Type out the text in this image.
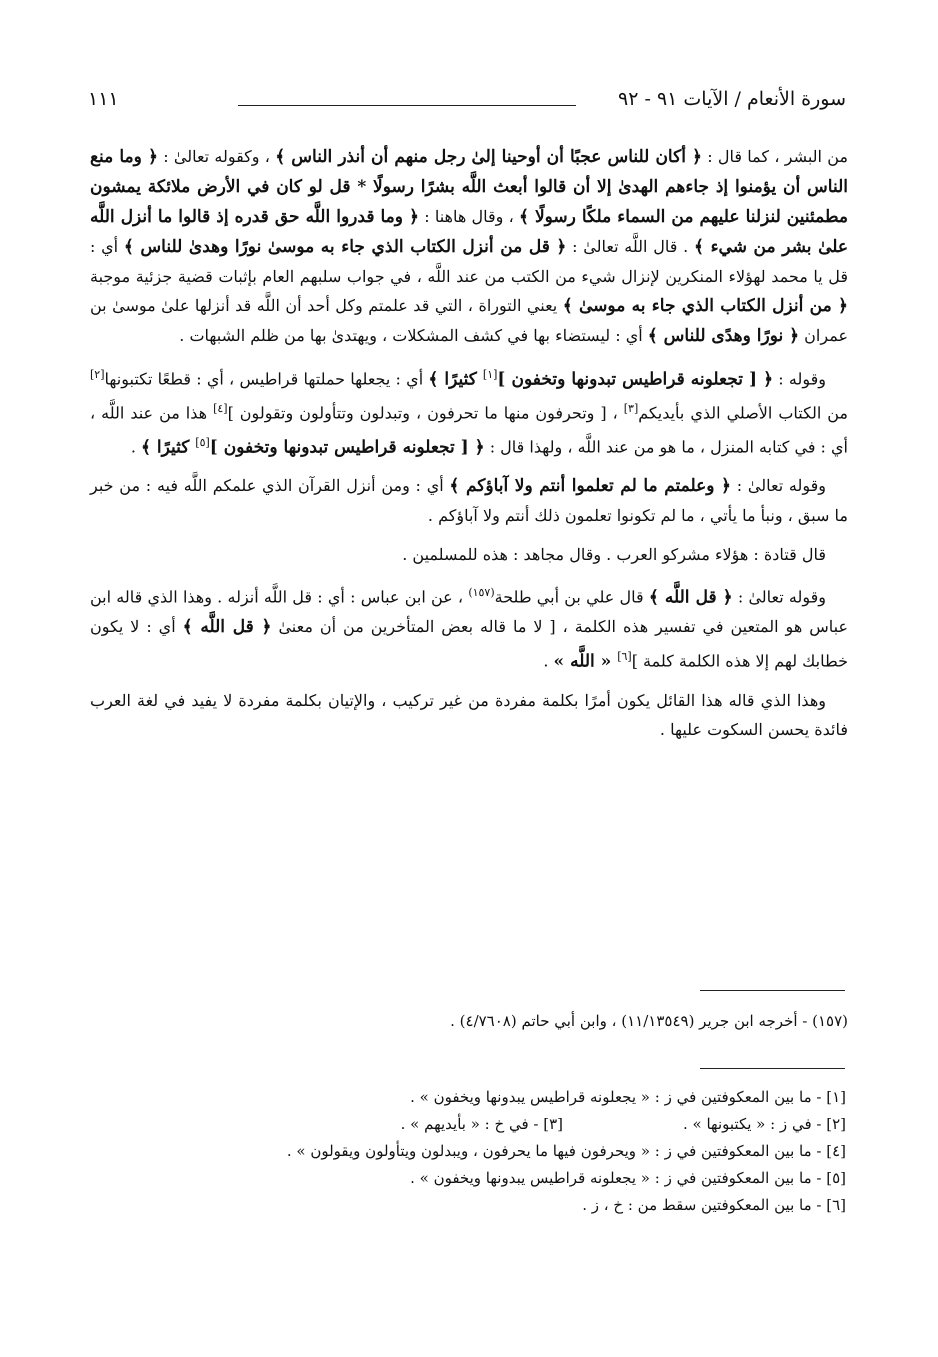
سورة الأنعام / الآيات ٩١ - ٩٢
١١١

من البشر ، كما قال : ﴿ أكان للناس عجبًا أن أوحينا إلىٰ رجل منهم أن أنذر الناس ﴾ ، وكقوله تعالىٰ : ﴿ وما منع الناس أن يؤمنوا إذ جاءهم الهدىٰ إلا أن قالوا أبعث اللَّه بشرًا رسولًا * قل لو كان في الأرض ملائكة يمشون مطمئنين لنزلنا عليهم من السماء ملكًا رسولًا ﴾ ، وقال هاهنا : ﴿ وما قدروا اللَّه حق قدره إذ قالوا ما أنزل اللَّه علىٰ بشر من شيء ﴾ . قال اللَّه تعالىٰ : ﴿ قل من أنزل الكتاب الذي جاء به موسىٰ نورًا وهدىٰ للناس ﴾ أي : قل يا محمد لهؤلاء المنكرين لإنزال شيء من الكتب من عند اللَّه ، في جواب سلبهم العام بإثبات قضية جزئية موجبة ﴿ من أنزل الكتاب الذي جاء به موسىٰ ﴾ يعني التوراة ، التي قد علمتم وكل أحد أن اللَّه قد أنزلها علىٰ موسىٰ بن عمران ﴿ نورًا وهدًى للناس ﴾ أي : ليستضاء بها في كشف المشكلات ، ويهتدىٰ بها من ظلم الشبهات .

وقوله : ﴿ [ تجعلونه قراطيس تبدونها وتخفون ][١] كثيرًا ﴾ أي : يجعلها حملتها قراطيس ، أي : قطعًا تكتبونها[٢] من الكتاب الأصلي الذي بأيديكم[٣] ، [ وتحرفون منها ما تحرفون ، وتبدلون وتتأولون وتقولون ][٤] هذا من عند اللَّه ، أي : في كتابه المنزل ، ما هو من عند اللَّه ، ولهذا قال : ﴿ [ تجعلونه قراطيس تبدونها وتخفون ][٥] كثيرًا ﴾ .

وقوله تعالىٰ : ﴿ وعلمتم ما لم تعلموا أنتم ولا آباؤكم ﴾ أي : ومن أنزل القرآن الذي علمكم اللَّه فيه : من خبر ما سبق ، ونبأ ما يأتي ، ما لم تكونوا تعلمون ذلك أنتم ولا آباؤكم .

قال قتادة : هؤلاء مشركو العرب . وقال مجاهد : هذه للمسلمين .

وقوله تعالىٰ : ﴿ قل اللَّه ﴾ قال علي بن أبي طلحة$^{(١٥٧)}$ ، عن ابن عباس : أي : قل اللَّه أنزله . وهذا الذي قاله ابن عباس هو المتعين في تفسير هذه الكلمة ، [ لا ما قاله بعض المتأخرين من أن معنىٰ ﴿ قل اللَّه ﴾ أي : لا يكون خطابك لهم إلا هذه الكلمة كلمة ][٦] « اللَّه » .

وهذا الذي قاله هذا القائل يكون أمرًا بكلمة مفردة من غير تركيب ، والإتيان بكلمة مفردة لا يفيد في لغة العرب فائدة يحسن السكوت عليها .

(١٥٧) - أخرجه ابن جرير (١١/١٣٥٤٩) ، وابن أبي حاتم (٤/٧٦٠٨) .

[١] - ما بين المعكوفتين في ز : « يجعلونه قراطيس يبدونها ويخفون » .

[٢] - في ز : « يكتبونها » .[٣] - في خ : « بأيديهم » .

[٤] - ما بين المعكوفتين في ز : « ويحرفون فيها ما يحرفون ، ويبدلون ويتأولون ويقولون » .

[٥] - ما بين المعكوفتين في ز : « يجعلونه قراطيس يبدونها ويخفون » .

[٦] - ما بين المعكوفتين سقط من : خ ، ز .
